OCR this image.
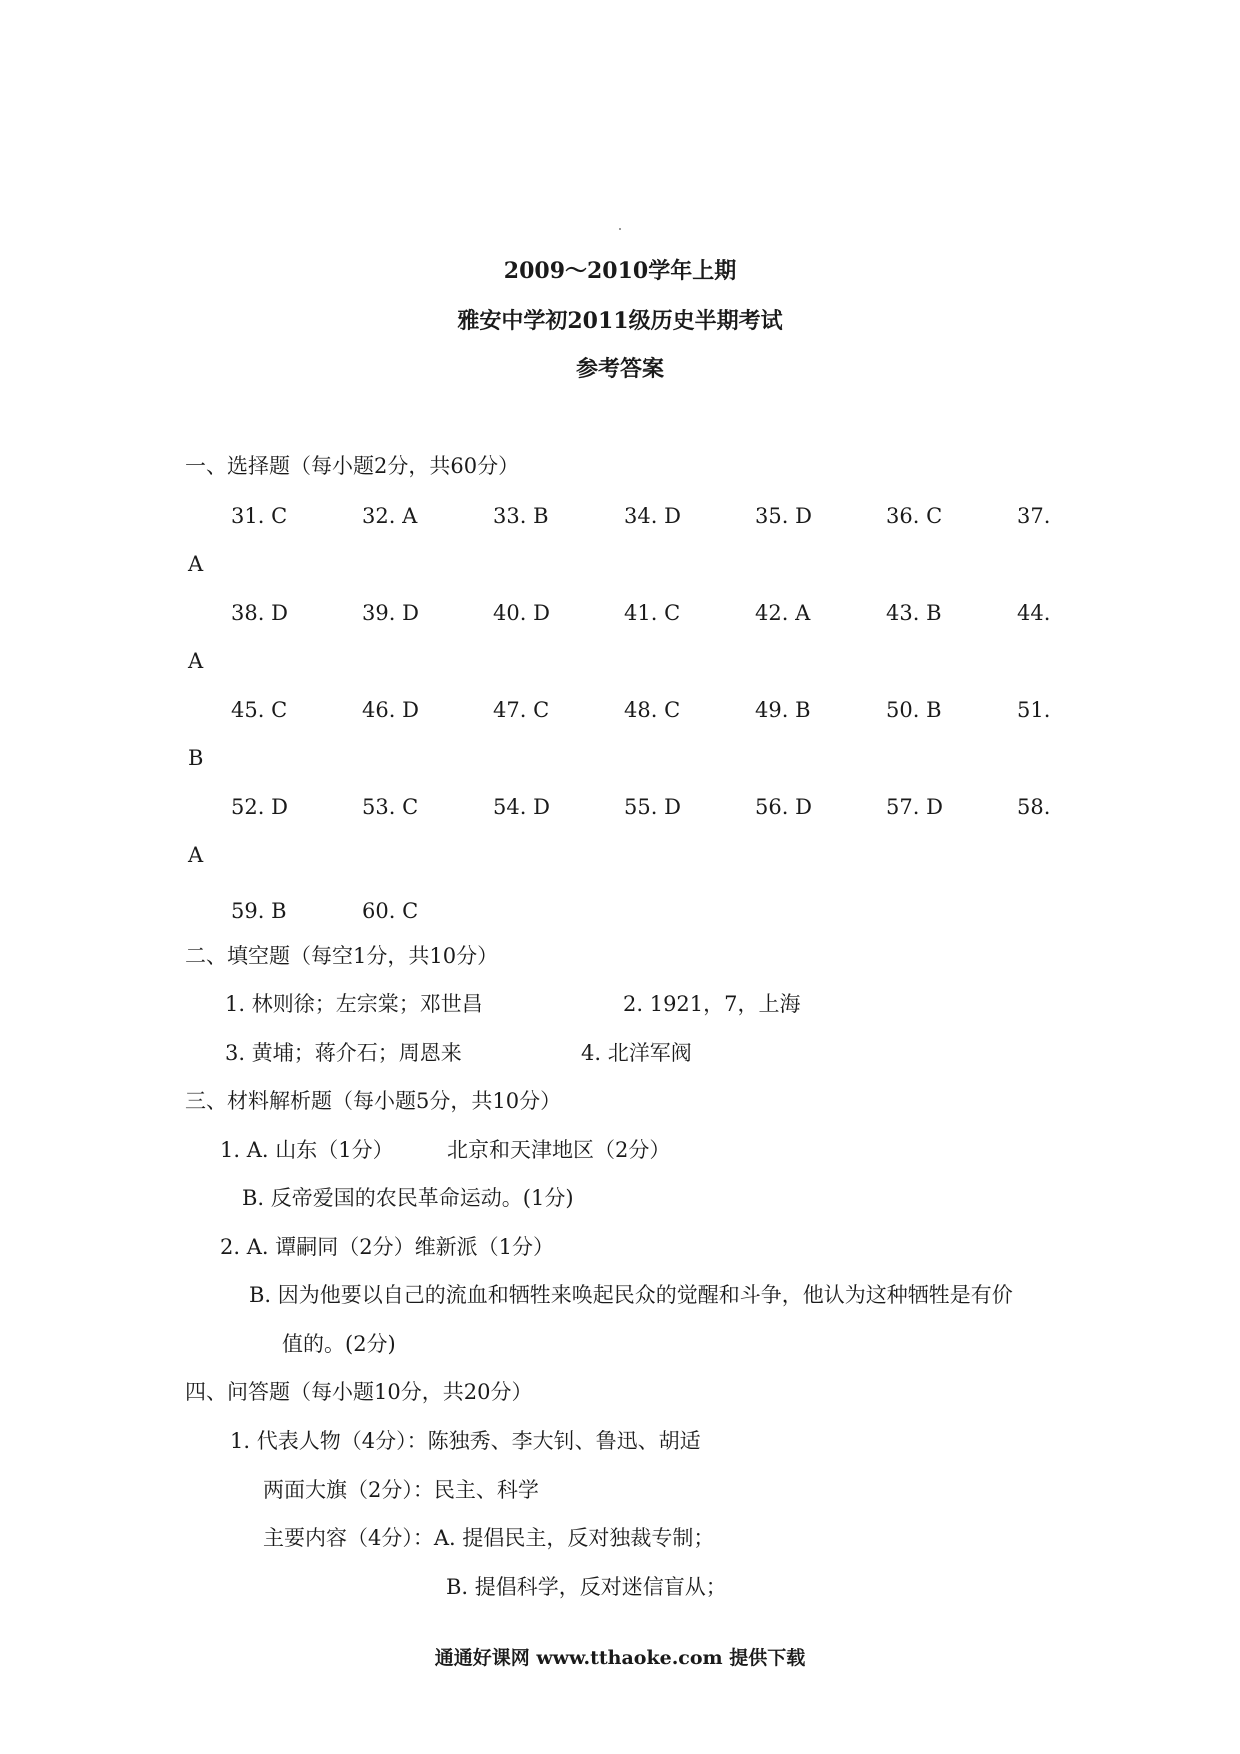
2009～2010学年上期
雅安中学初2011级历史半期考试
参考答案
一、选择题（每小题2分，共60分）
31. C	32. A	33. B	34. D	35. D	36. C	37.
A
38. D	39. D	40. D	41. C	42. A	43. B	44.
A
45. C	46. D	47. C	48. C	49. B	50. B	51.
B
52. D	53. C	54. D	55. D	56. D	57. D	58.
A
59. B	60. C
二、填空题（每空1分，共10分）
1. 林则徐；左宗棠；邓世昌	2. 1921，7，上海
3. 黄埔；蒋介石；周恩来	4. 北洋军阀
三、材料解析题（每小题5分，共10分）
1. A. 山东（1分）	北京和天津地区（2分）
B. 反帝爱国的农民革命运动。(1分)
2. A. 谭嗣同（2分）维新派（1分）
B. 因为他要以自己的流血和牺牲来唤起民众的觉醒和斗争，他认为这种牺牲是有价
值的。(2分)
四、问答题（每小题10分，共20分）
1. 代表人物（4分）：陈独秀、李大钊、鲁迅、胡适
两面大旗（2分）：民主、科学
主要内容（4分）：A. 提倡民主，反对独裁专制；
B. 提倡科学，反对迷信盲从；
通通好课网 www.tthaoke.com 提供下载
